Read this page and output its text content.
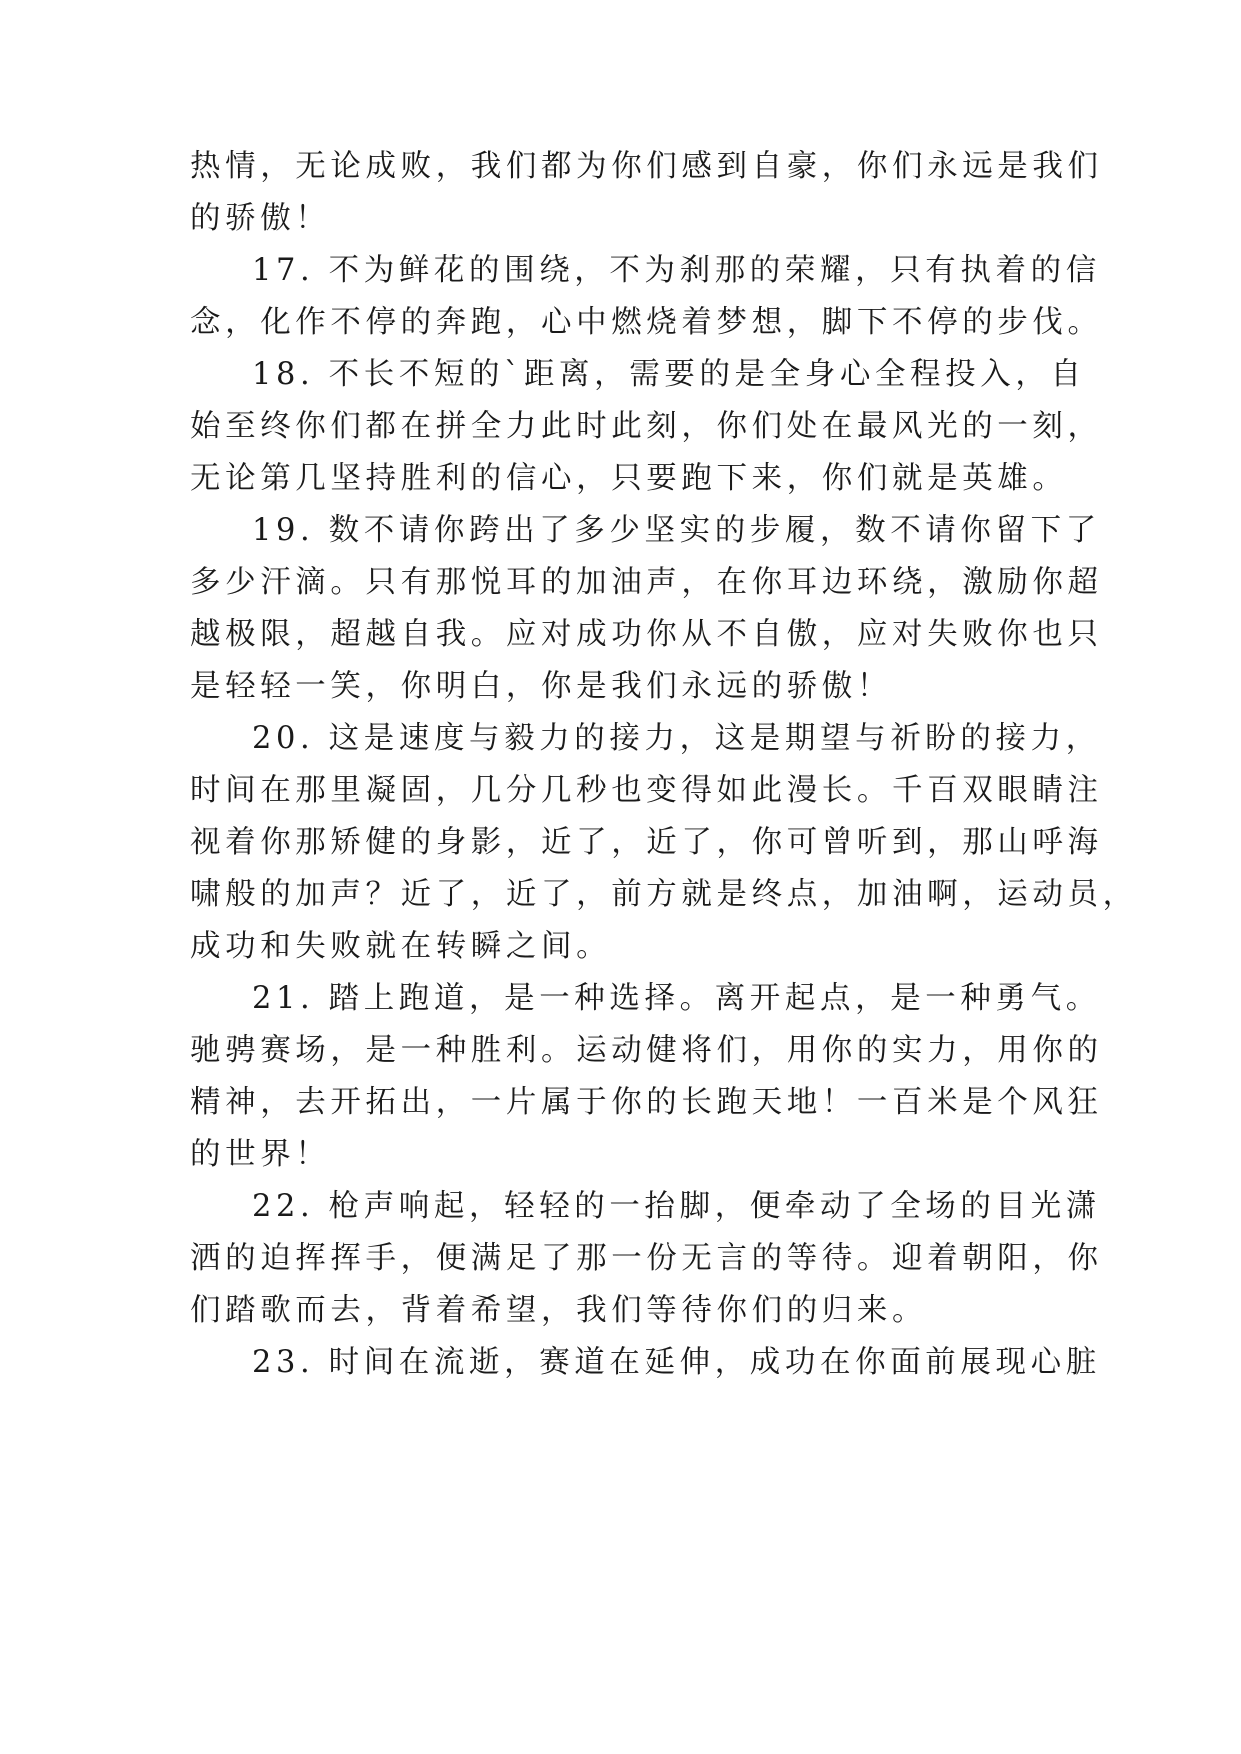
热情，无论成败，我们都为你们感到自豪，你们永远是我们
的骄傲！
17. 不为鲜花的围绕，不为刹那的荣耀，只有执着的信
念，化作不停的奔跑，心中燃烧着梦想，脚下不停的步伐。
18. 不长不短的`距离，需要的是全身心全程投入，自
始至终你们都在拼全力此时此刻，你们处在最风光的一刻，
无论第几坚持胜利的信心，只要跑下来，你们就是英雄。
19. 数不请你跨出了多少坚实的步履，数不请你留下了
多少汗滴。只有那悦耳的加油声，在你耳边环绕，激励你超
越极限，超越自我。应对成功你从不自傲，应对失败你也只
是轻轻一笑，你明白，你是我们永远的骄傲！
20. 这是速度与毅力的接力，这是期望与祈盼的接力，
时间在那里凝固，几分几秒也变得如此漫长。千百双眼睛注
视着你那矫健的身影，近了，近了，你可曾听到，那山呼海
啸般的加声？近了，近了，前方就是终点，加油啊，运动员，
成功和失败就在转瞬之间。
21. 踏上跑道，是一种选择。离开起点，是一种勇气。
驰骋赛场，是一种胜利。运动健将们，用你的实力，用你的
精神，去开拓出，一片属于你的长跑天地！一百米是个风狂
的世界！
22. 枪声响起，轻轻的一抬脚，便牵动了全场的目光潇
洒的迫挥挥手，便满足了那一份无言的等待。迎着朝阳，你
们踏歌而去，背着希望，我们等待你们的归来。
23. 时间在流逝，赛道在延伸，成功在你面前展现心脏
